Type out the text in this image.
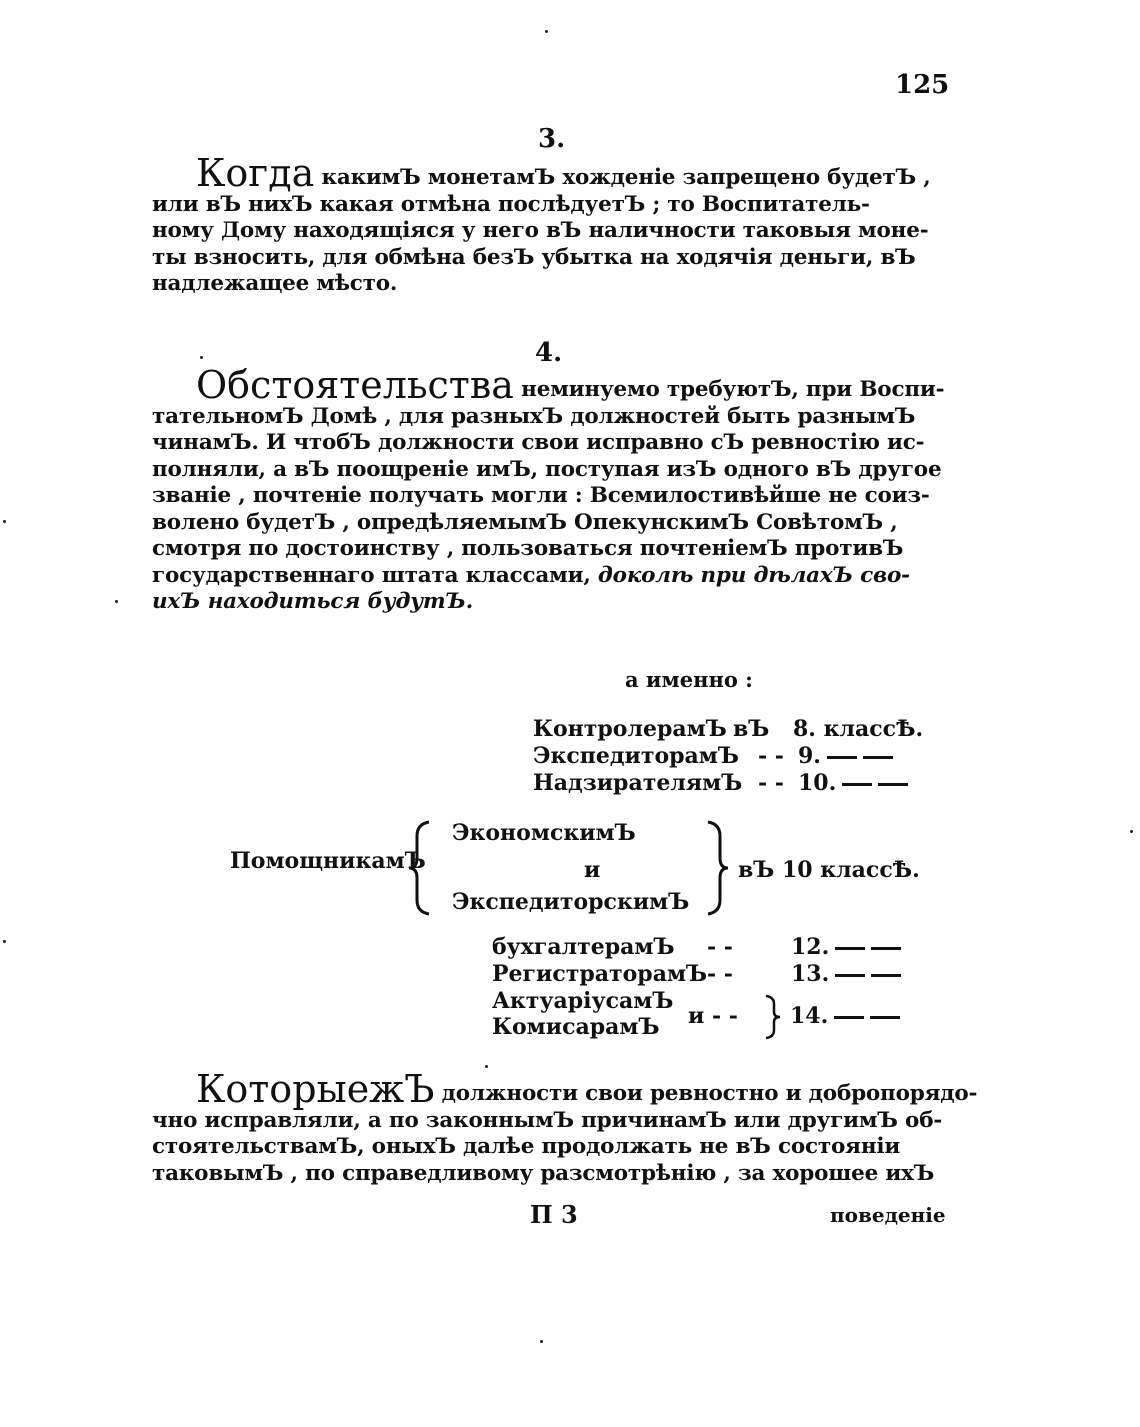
125
3.
Когда какимЪ монетамЪ хожденіе запрещено будетЪ ,
или вЪ нихЪ какая отмѣна послѣдуетЪ ; то Воспитатель-
ному Дому находящіяся у него вЪ наличности таковыя моне-
ты взносить, для обмѣна безЪ убытка на ходячія деньги, вЪ
надлежащее мѣсто.
4.
Обстоятельства неминуемо требуютЪ, при Воспи-
тательномЪ Домѣ , для разныхЪ должностей быть разнымЪ
чинамЪ. И чтобЪ должности свои исправно сЪ ревностію ис-
полняли, а вЪ поощреніе имЪ, поступая изЪ одного вЪ другое
званіе , почтеніе получать могли : Всемилостивѣйше не соиз-
волено будетЪ , опредѣляемымЪ ОпекунскимЪ СовѣтомЪ ,
смотря по достоинству , пользоваться почтеніемЪ противЪ
государственнаго штата классами, доколѣ при дѣлахЪ сво-
ихЪ находиться будутЪ.
а именно :
КонтролерамЪ вЪ 8. классѢ.
ЭкспедиторамЪ - - 9.
НадзирателямЪ - - 10.
ПомощникамЪ
ЭкономскимЪ
и
ЭкспедиторскимЪ
вЪ 10 классѢ.
бухгалтерамЪ - -	12.
РегистраторамЪ- -	13.
АктуаріусамЪ
КомисарамЪ и - - 14.
КоторыежЪ должности свои ревностно и добропорядо-
чно исправляли, а по законнымЪ причинамЪ или другимЪ об-
стоятельствамЪ, оныхЪ далѣе продолжать не вЪ состояніи
таковымЪ , по справедливому разсмотрѣнію , за хорошее ихЪ
П 3	поведеніе
